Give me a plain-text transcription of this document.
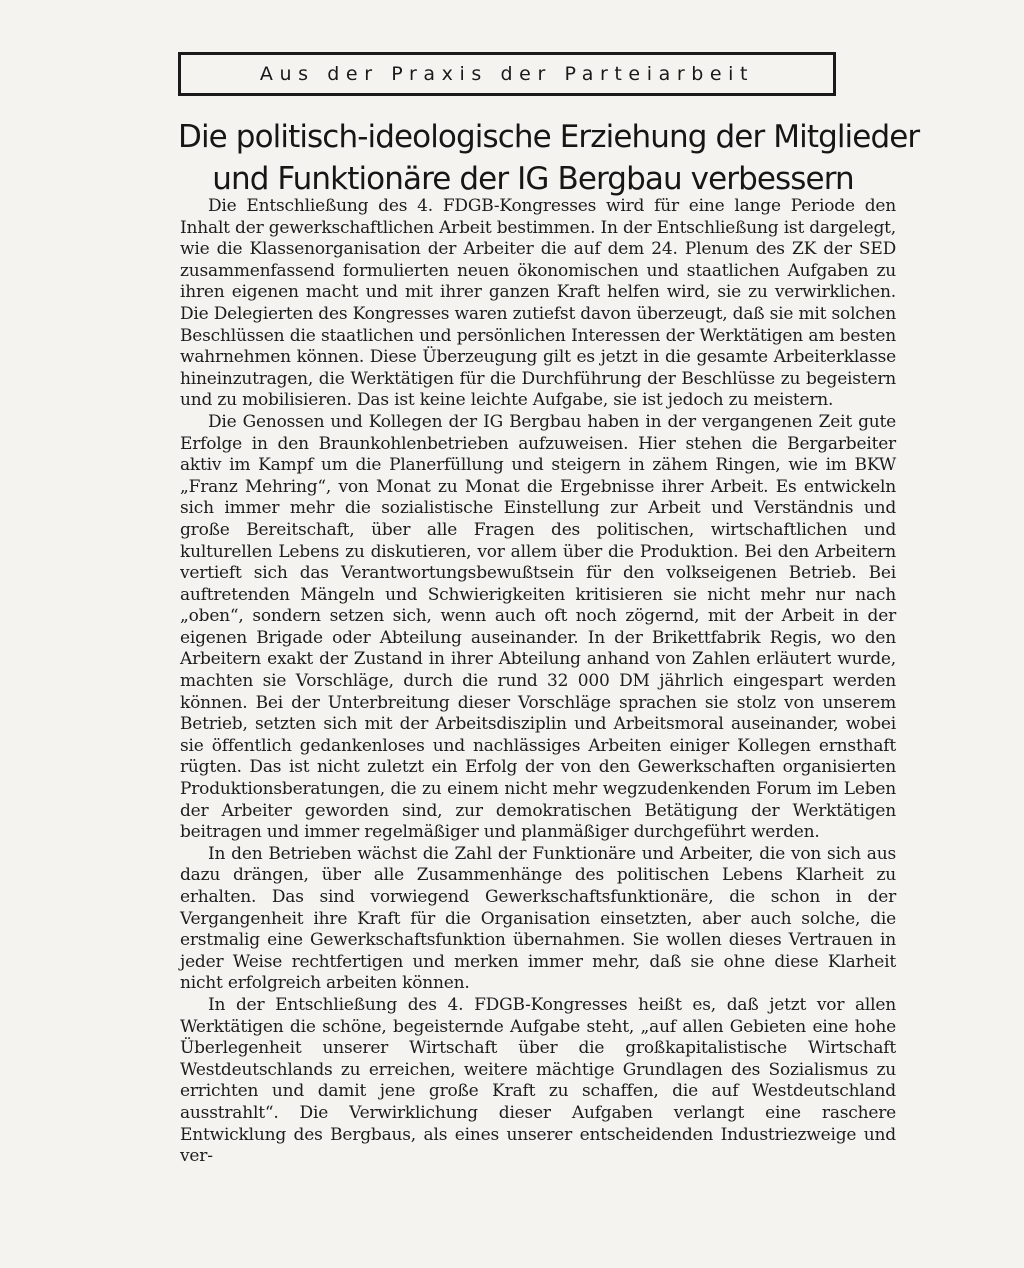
Aus der Praxis der Parteiarbeit
Die politisch-ideologische Erziehung der Mitglieder
und Funktionäre der IG Bergbau verbessern

Die Entschließung des 4. FDGB-Kongresses wird für eine lange Periode den Inhalt der gewerkschaftlichen Arbeit bestimmen. In der Entschließung ist dargelegt, wie die Klassenorganisation der Arbeiter die auf dem 24. Plenum des ZK der SED zusammenfassend formulierten neuen ökonomischen und staatlichen Aufgaben zu ihren eigenen macht und mit ihrer ganzen Kraft helfen wird, sie zu verwirklichen. Die Delegierten des Kongresses waren zutiefst davon überzeugt, daß sie mit solchen Beschlüssen die staatlichen und persönlichen Interessen der Werktätigen am besten wahrnehmen können. Diese Überzeugung gilt es jetzt in die gesamte Arbeiterklasse hineinzutragen, die Werktätigen für die Durchführung der Beschlüsse zu begeistern und zu mobilisieren. Das ist keine leichte Aufgabe, sie ist jedoch zu meistern.

Die Genossen und Kollegen der IG Bergbau haben in der vergangenen Zeit gute Erfolge in den Braunkohlenbetrieben aufzuweisen. Hier stehen die Bergarbeiter aktiv im Kampf um die Planerfüllung und steigern in zähem Ringen, wie im BKW „Franz Mehring“, von Monat zu Monat die Ergebnisse ihrer Arbeit. Es entwickeln sich immer mehr die sozialistische Einstellung zur Arbeit und Verständnis und große Bereitschaft, über alle Fragen des politischen, wirtschaftlichen und kulturellen Lebens zu diskutieren, vor allem über die Produktion. Bei den Arbeitern vertieft sich das Verantwortungsbewußtsein für den volkseigenen Betrieb. Bei auftretenden Mängeln und Schwierigkeiten kritisieren sie nicht mehr nur nach „oben“, sondern setzen sich, wenn auch oft noch zögernd, mit der Arbeit in der eigenen Brigade oder Abteilung auseinander. In der Brikettfabrik Regis, wo den Arbeitern exakt der Zustand in ihrer Abteilung anhand von Zahlen erläutert wurde, machten sie Vorschläge, durch die rund 32 000 DM jährlich eingespart werden können. Bei der Unterbreitung dieser Vorschläge sprachen sie stolz von unserem Betrieb, setzten sich mit der Arbeitsdisziplin und Arbeitsmoral auseinander, wobei sie öffentlich gedankenloses und nachlässiges Arbeiten einiger Kollegen ernsthaft rügten. Das ist nicht zuletzt ein Erfolg der von den Gewerkschaften organisierten Produktionsberatungen, die zu einem nicht mehr wegzudenkenden Forum im Leben der Arbeiter geworden sind, zur demokratischen Betätigung der Werktätigen beitragen und immer regelmäßiger und planmäßiger durchgeführt werden.

In den Betrieben wächst die Zahl der Funktionäre und Arbeiter, die von sich aus dazu drängen, über alle Zusammenhänge des politischen Lebens Klarheit zu erhalten. Das sind vorwiegend Gewerkschaftsfunktionäre, die schon in der Vergangenheit ihre Kraft für die Organisation einsetzten, aber auch solche, die erstmalig eine Gewerkschaftsfunktion übernahmen. Sie wollen dieses Vertrauen in jeder Weise rechtfertigen und merken immer mehr, daß sie ohne diese Klarheit nicht erfolgreich arbeiten können.

In der Entschließung des 4. FDGB-Kongresses heißt es, daß jetzt vor allen Werktätigen die schöne, begeisternde Aufgabe steht, „auf allen Gebieten eine hohe Überlegenheit unserer Wirtschaft über die großkapitalistische Wirtschaft Westdeutschlands zu erreichen, weitere mächtige Grundlagen des Sozialismus zu errichten und damit jene große Kraft zu schaffen, die auf Westdeutschland ausstrahlt“. Die Verwirklichung dieser Aufgaben verlangt eine raschere Entwicklung des Bergbaus, als eines unserer entscheidenden Industriezweige und ver-
